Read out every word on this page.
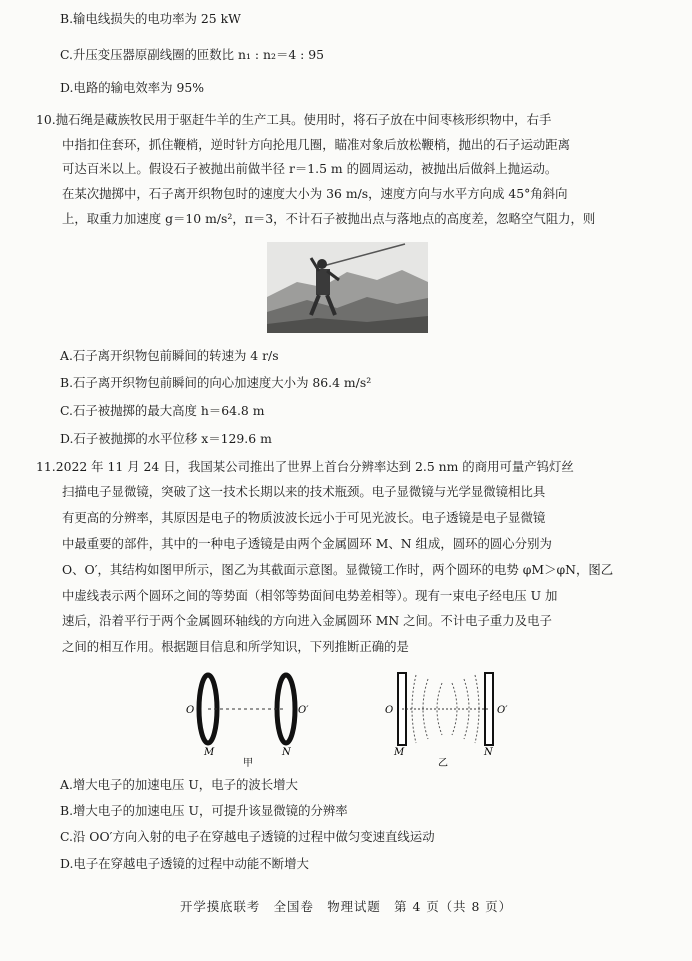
B.输电线损失的电功率为 25 kW
C.升压变压器原副线圈的匝数比 n₁ : n₂＝4 : 95
D.电路的输电效率为 95%
10.抛石绳是藏族牧民用于驱赶牛羊的生产工具。使用时，将石子放在中间枣核形织物中，右手
中指扣住套环，抓住鞭梢，逆时针方向抡甩几圈，瞄准对象后放松鞭梢，抛出的石子运动距离
可达百米以上。假设石子被抛出前做半径 r＝1.5 m 的圆周运动，被抛出后做斜上抛运动。
在某次抛掷中，石子离开织物包时的速度大小为 36 m/s，速度方向与水平方向成 45°角斜向
上，取重力加速度 g＝10 m/s²，π＝3，不计石子被抛出点与落地点的高度差，忽略空气阻力，则
A.石子离开织物包前瞬间的转速为 4 r/s
B.石子离开织物包前瞬间的向心加速度大小为 86.4 m/s²
C.石子被抛掷的最大高度 h＝64.8 m
D.石子被抛掷的水平位移 x＝129.6 m
11.2022 年 11 月 24 日，我国某公司推出了世界上首台分辨率达到 2.5 nm 的商用可量产钨灯丝
扫描电子显微镜，突破了这一技术长期以来的技术瓶颈。电子显微镜与光学显微镜相比具
有更高的分辨率，其原因是电子的物质波波长远小于可见光波长。电子透镜是电子显微镜
中最重要的部件，其中的一种电子透镜是由两个金属圆环 M、N 组成，圆环的圆心分别为
O、O′，其结构如图甲所示，图乙为其截面示意图。显微镜工作时，两个圆环的电势 φM＞φN，图乙
中虚线表示两个圆环之间的等势面（相邻等势面间电势差相等）。现有一束电子经电压 U 加
速后，沿着平行于两个金属圆环轴线的方向进入金属圆环 MN 之间。不计电子重力及电子
之间的相互作用。根据题目信息和所学知识，下列推断正确的是
O	O′
M	N
甲
O	O′
M	N
乙
A.增大电子的加速电压 U，电子的波长增大
B.增大电子的加速电压 U，可提升该显微镜的分辨率
C.沿 OO′方向入射的电子在穿越电子透镜的过程中做匀变速直线运动
D.电子在穿越电子透镜的过程中动能不断增大
开学摸底联考　全国卷　物理试题　第 4 页（共 8 页）
